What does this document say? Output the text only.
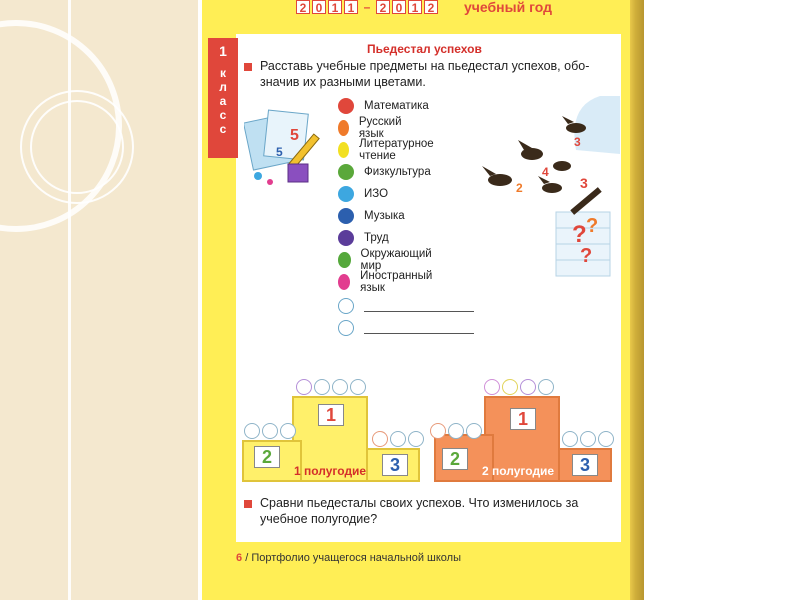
2 0 1 1 – 2 0 1 2 учебный год
1
к
л
а
с
с
Пьедестал успехов
Расставь учебные предметы на пьедестал успехов, обо-
значив их разными цветами.
5
5
2
4
3
3
? ?
?
Математика
Русский язык
Литературное чтение
Физкультура
ИЗО
Музыка
Труд
Окружающий мир
Иностранный язык
1
2	3
1 полугодие
1
2	3
2 полугодие
Сравни пьедесталы своих успехов. Что изменилось за
учебное полугодие?
6 / Портфолио учащегося начальной школы
